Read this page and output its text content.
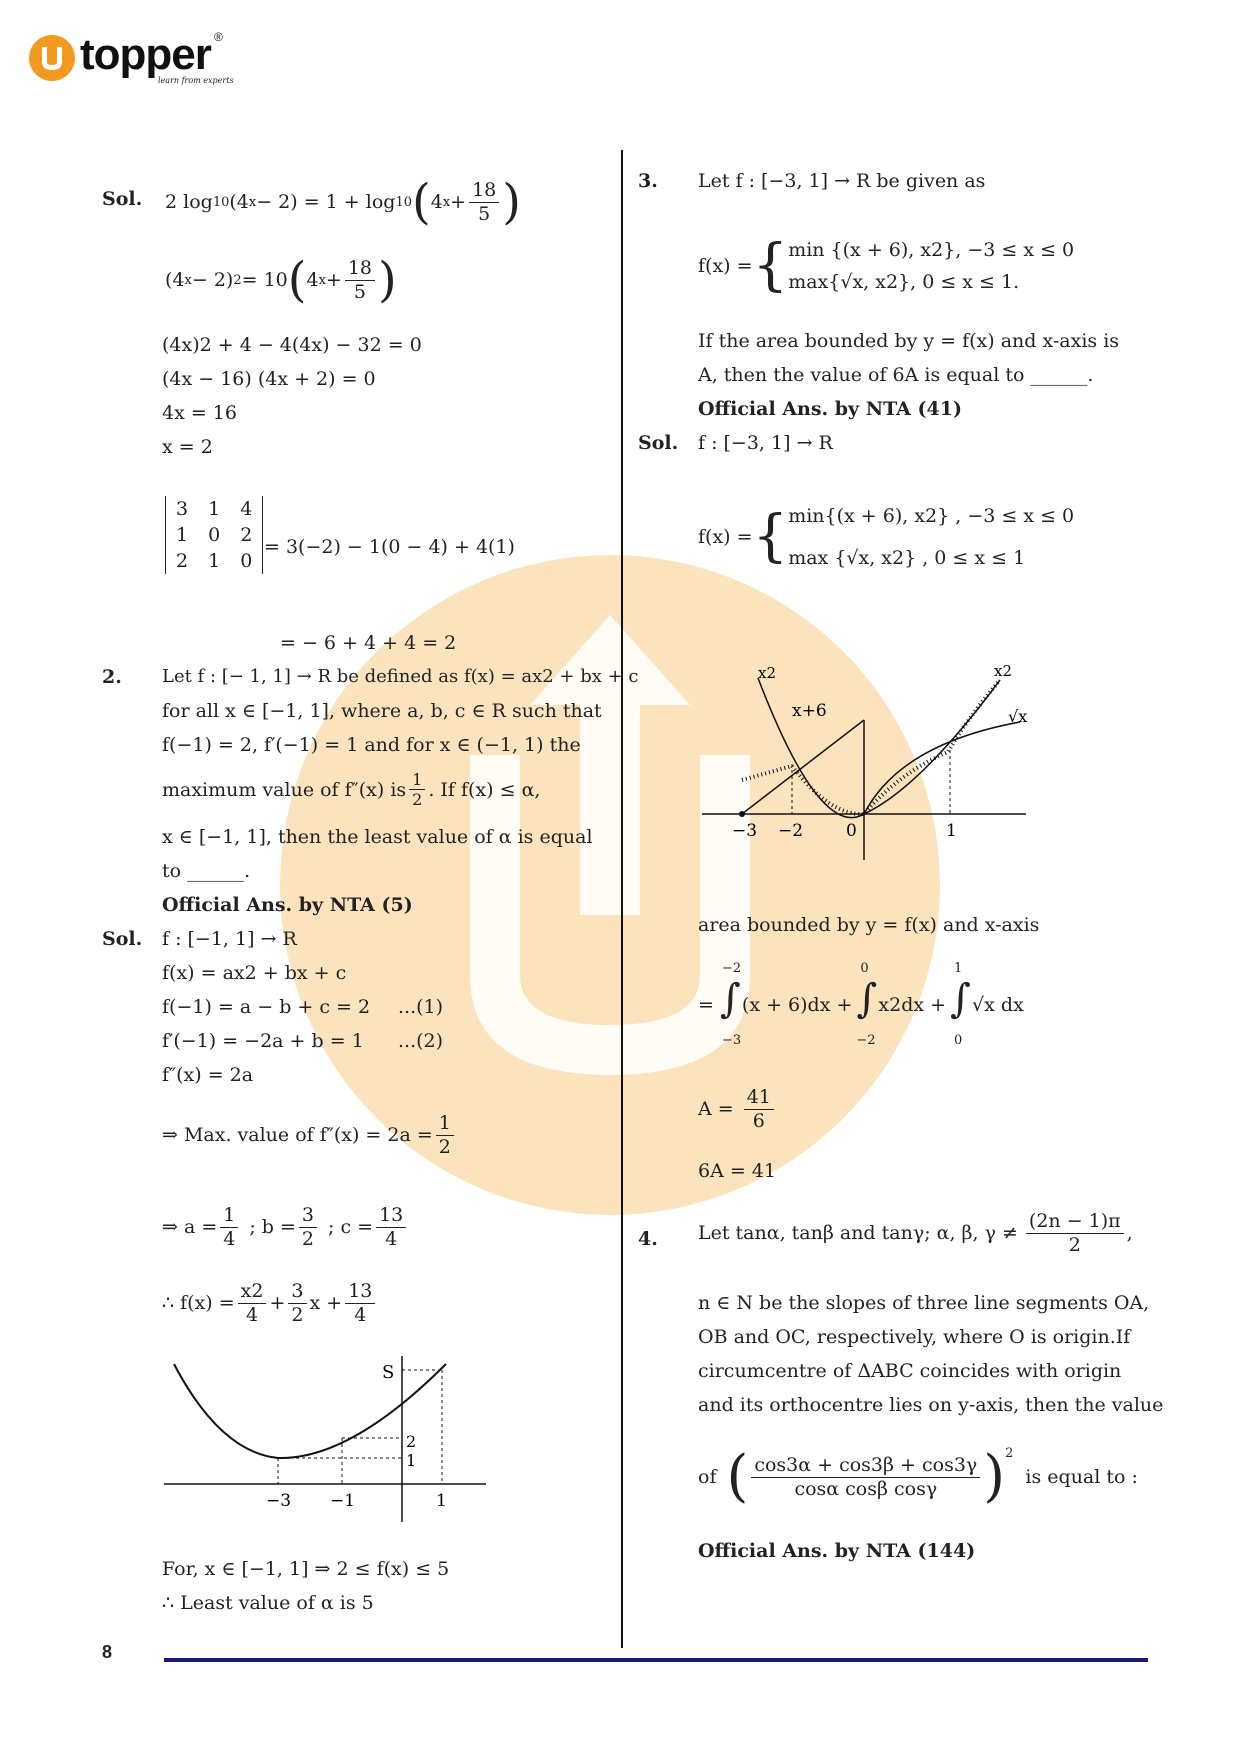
topper ®
learn from experts
Sol. 2 log 10 (4 x − 2) = 1 + log 10 ( 4 $x + \frac{18}{5}$ )
(4 x − 2) 2 = 10 ( 4 $x + \frac{18}{5}$ )
(4x)2 + 4 − 4(4x) − 32 = 0
(4x − 16) (4x + 2) = 0
4x = 16
x = 2
3	1	4
1	0	2
2	1	0
= 3(−2) − 1(0 − 4) + 4(1)
= − 6 + 4 + 4 = 2
2. Let f : [− 1, 1] → R be defined as f(x) = ax2 + bx + c
for all x ∈ [−1, 1], where a, b, c ∈ R such that
f(−1) = 2, f′(−1) = 1 and for x ∈ (−1, 1) the
maximum value of f″(x) is $\frac{1}{2}$ . If f(x) ≤ α,
x ∈ [−1, 1], then the least value of α is equal
to ______.
Official Ans. by NTA (5)
Sol. f : [−1, 1] → R
f(x) = ax2 + bx + c
f(−1) = a − b + c = 2 ...(1)
f′(−1) = −2a + b = 1 ...(2)
f″(x) = 2a
⇒ Max. value of $f''(x) = 2a = \frac{1}{2}$
⇒ $a = \frac{1}{4}$ ; $b = \frac{3}{2}$ ; $c = \frac{13}{4}$
∴ $f(x) = \frac{x2}{4} + \frac{3}{2}$ $x + \frac{13}{4}$
S
2
1
−3 −1	1
For, x ∈ [−1, 1] ⇒ 2 ≤ f(x) ≤ 5
∴ Least value of α is 5
3. Let f : [−3, 1] → R be given as
f(x) = { min {(x + 6), x2}, −3 ≤ x ≤ 0
max{√x, x2}, 0 ≤ x ≤ 1.
If the area bounded by y = f(x) and x-axis is
A, then the value of 6A is equal to ______.
Official Ans. by NTA (41)
Sol. f : [−3, 1] → R
f(x) = { min{(x + 6), x2} , −3 ≤ x ≤ 0
max {√x, x2} , 0 ≤ x ≤ 1
x2
x+6
x2
√x
−3 −2	0	1
area bounded by y = f(x) and x-axis
= ∫
−2
−3
(x + 6)dx + ∫
0
−2
x2dx + ∫
1
0
√x dx
$A = \frac{41}{6}$
6A = 41
4. Let tanα, tanβ and tanγ; α, β, $\gamma \ne \frac{(2n - 1)\pi}{2}$ ,
n ∈ N be the slopes of three line segments OA,
OB and OC, respectively, where O is origin.If
circumcentre of ΔABC coincides with origin
and its orthocentre lies on y-axis, then the value
of ( $\frac{\cos 3\alpha + \cos 3\beta + \cos 3\gamma}{\text{cosα cosβ cosγ}} )^2$
is equal to :
Official Ans. by NTA (144)
8
